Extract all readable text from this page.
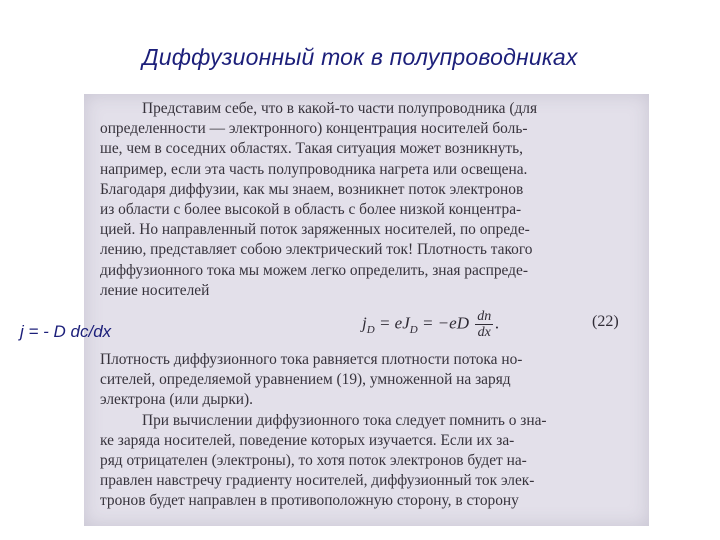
Диффузионный ток в полупроводниках
Представим себе, что в какой-то части полупроводника (для
определенности — электронного) концентрация носителей боль-
ше, чем в соседних областях. Такая ситуация может возникнуть,
например, если эта часть полупроводника нагрета или освещена.
Благодаря диффузии, как мы знаем, возникнет поток электронов
из области с более высокой в область с более низкой концентра-
цией. Но направленный поток заряженных носителей, по опреде-
лению, представляет собою электрический ток! Плотность такого
диффузионного тока мы можем легко определить, зная распреде-
ление носителей
$j_D = eJ_D = -eD \frac{dn}{dx}$ .	(22)
Плотность диффузионного тока равняется плотности потока но-
сителей, определяемой уравнением (19), умноженной на заряд
электрона (или дырки).
При вычислении диффузионного тока следует помнить о зна-
ке заряда носителей, поведение которых изучается. Если их за-
ряд отрицателен (электроны), то хотя поток электронов будет на-
правлен навстречу градиенту носителей, диффузионный ток элек-
тронов будет направлен в противоположную сторону, в сторону
j = - D dc/dx
